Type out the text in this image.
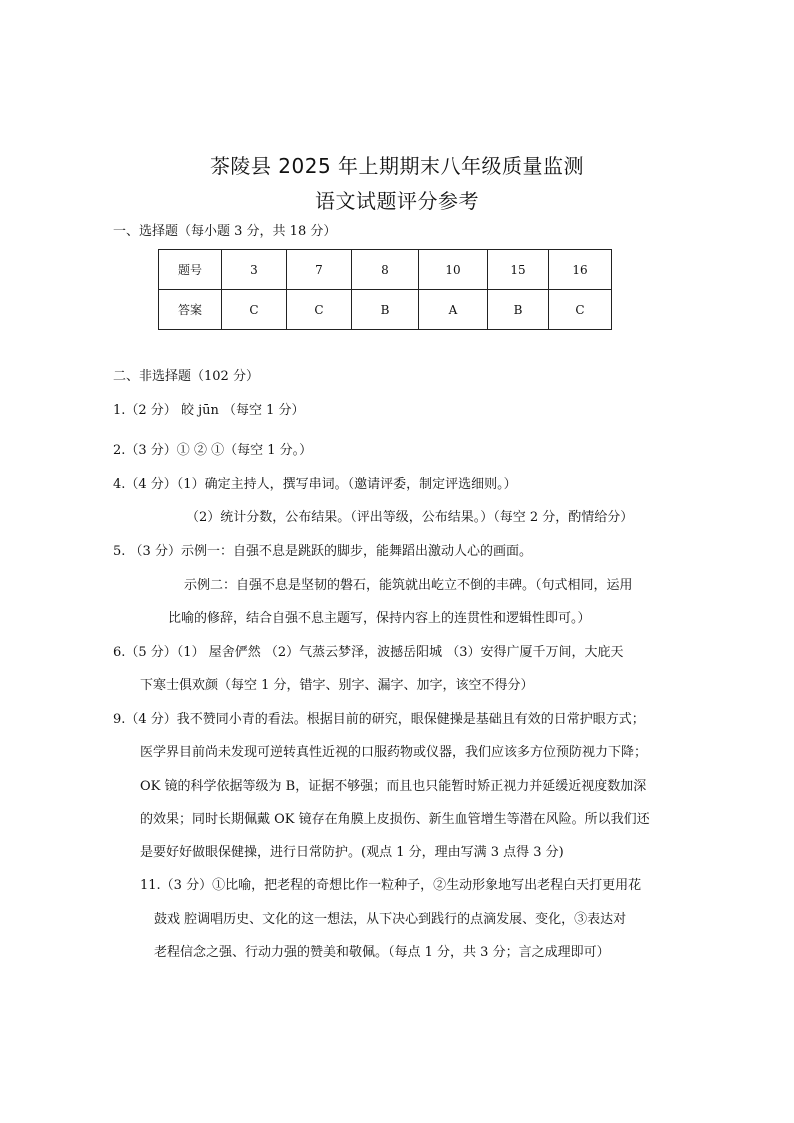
茶陵县 2025 年上期期末八年级质量监测
语文试题评分参考
一、选择题（每小题 3 分，共 18 分）
题号	3	7	8	10	15	16
答案	C	C	B	A	B	C
二、非选择题（102 分）
1.（2 分） 皎 jūn （每空 1 分）
2.（3 分）① ② ①（每空 1 分。）
4.（4 分）（1）确定主持人，撰写串词。（邀请评委，制定评选细则。）
（2）统计分数，公布结果。（评出等级，公布结果。）（每空 2 分，酌情给分）
5. （3 分）示例一：自强不息是跳跃的脚步，能舞蹈出激动人心的画面。
示例二：自强不息是坚韧的磐石，能筑就出屹立不倒的丰碑。（句式相同，运用
比喻的修辞，结合自强不息主题写，保持内容上的连贯性和逻辑性即可。）
6.（5 分）（1） 屋舍俨然 （2）气蒸云梦泽，波撼岳阳城 （3）安得广厦千万间，大庇天
下寒士俱欢颜（每空 1 分，错字、别字、漏字、加字，该空不得分）
9.（4 分）我不赞同小青的看法。根据目前的研究，眼保健操是基础且有效的日常护眼方式；
医学界目前尚未发现可逆转真性近视的口服药物或仪器，我们应该多方位预防视力下降；
OK 镜的科学依据等级为 B，证据不够强；而且也只能暂时矫正视力并延缓近视度数加深
的效果；同时长期佩戴 OK 镜存在角膜上皮损伤、新生血管增生等潜在风险。所以我们还
是要好好做眼保健操，进行日常防护。(观点 1 分，理由写满 3 点得 3 分)
11.（3 分）①比喻，把老程的奇想比作一粒种子，②生动形象地写出老程白天打更用花
鼓戏 腔调唱历史、文化的这一想法，从下决心到践行的点滴发展、变化，③表达对
老程信念之强、行动力强的赞美和敬佩。（每点 1 分，共 3 分；言之成理即可）
